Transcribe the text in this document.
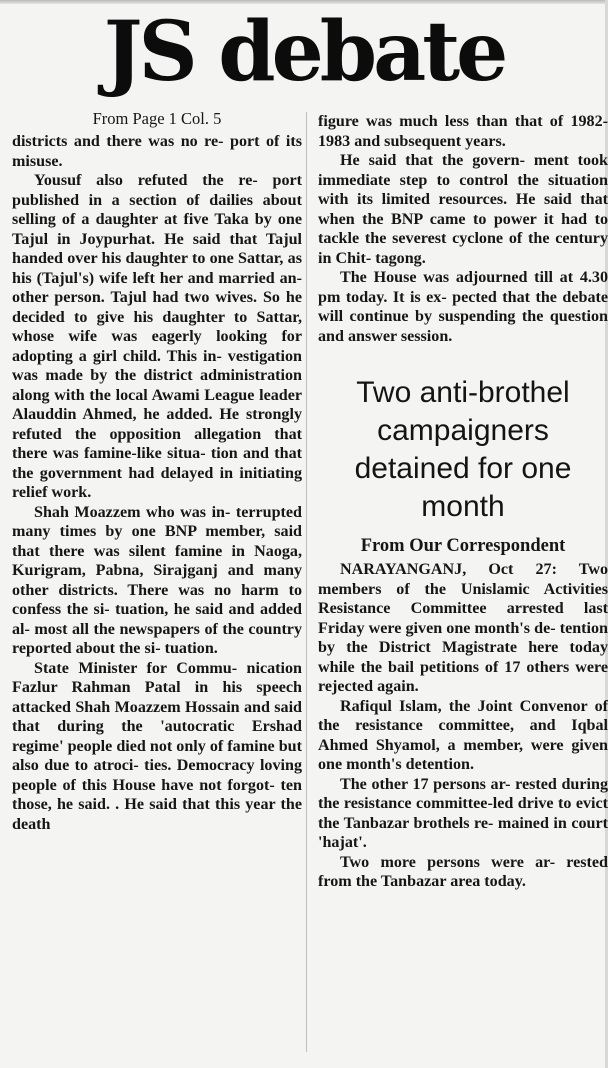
JS debate
From Page 1 Col. 5

districts and there was no re- port of its misuse.

Yousuf also refuted the re- port published in a section of dailies about selling of a daughter at five Taka by one Tajul in Joypurhat. He said that Tajul handed over his daughter to one Sattar, as his (Tajul's) wife left her and married an- other person. Tajul had two wives. So he decided to give his daughter to Sattar, whose wife was eagerly looking for adopting a girl child. This in- vestigation was made by the district administration along with the local Awami League leader Alauddin Ahmed, he added. He strongly refuted the opposition allegation that there was famine-like situa- tion and that the government had delayed in initiating relief work.

Shah Moazzem who was in- terrupted many times by one BNP member, said that there was silent famine in Naoga, Kurigram, Pabna, Sirajganj and many other districts. There was no harm to confess the si- tuation, he said and added al- most all the newspapers of the country reported about the si- tuation.

State Minister for Commu- nication Fazlur Rahman Patal in his speech attacked Shah Moazzem Hossain and said that during the 'autocratic Ershad regime' people died not only of famine but also due to atroci- ties. Democracy loving people of this House have not forgot- ten those, he said. . He said that this year the death

figure was much less than that of 1982-1983 and subsequent years.

He said that the govern- ment took immediate step to control the situation with its limited resources. He said that when the BNP came to power it had to tackle the severest cyclone of the century in Chit- tagong.

The House was adjourned till at 4.30 pm today. It is ex- pected that the debate will continue by suspending the question and answer session.

Two anti-brothel campaigners detained for one month
From Our Correspondent

NARAYANGANJ, Oct 27: Two members of the Unislamic Activities Resistance Committee arrested last Friday were given one month's de- tention by the District Magistrate here today while the bail petitions of 17 others were rejected again.

Rafiqul Islam, the Joint Convenor of the resistance committee, and Iqbal Ahmed Shyamol, a member, were given one month's detention.

The other 17 persons ar- rested during the resistance committee-led drive to evict the Tanbazar brothels re- mained in court 'hajat'.

Two more persons were ar- rested from the Tanbazar area today.
